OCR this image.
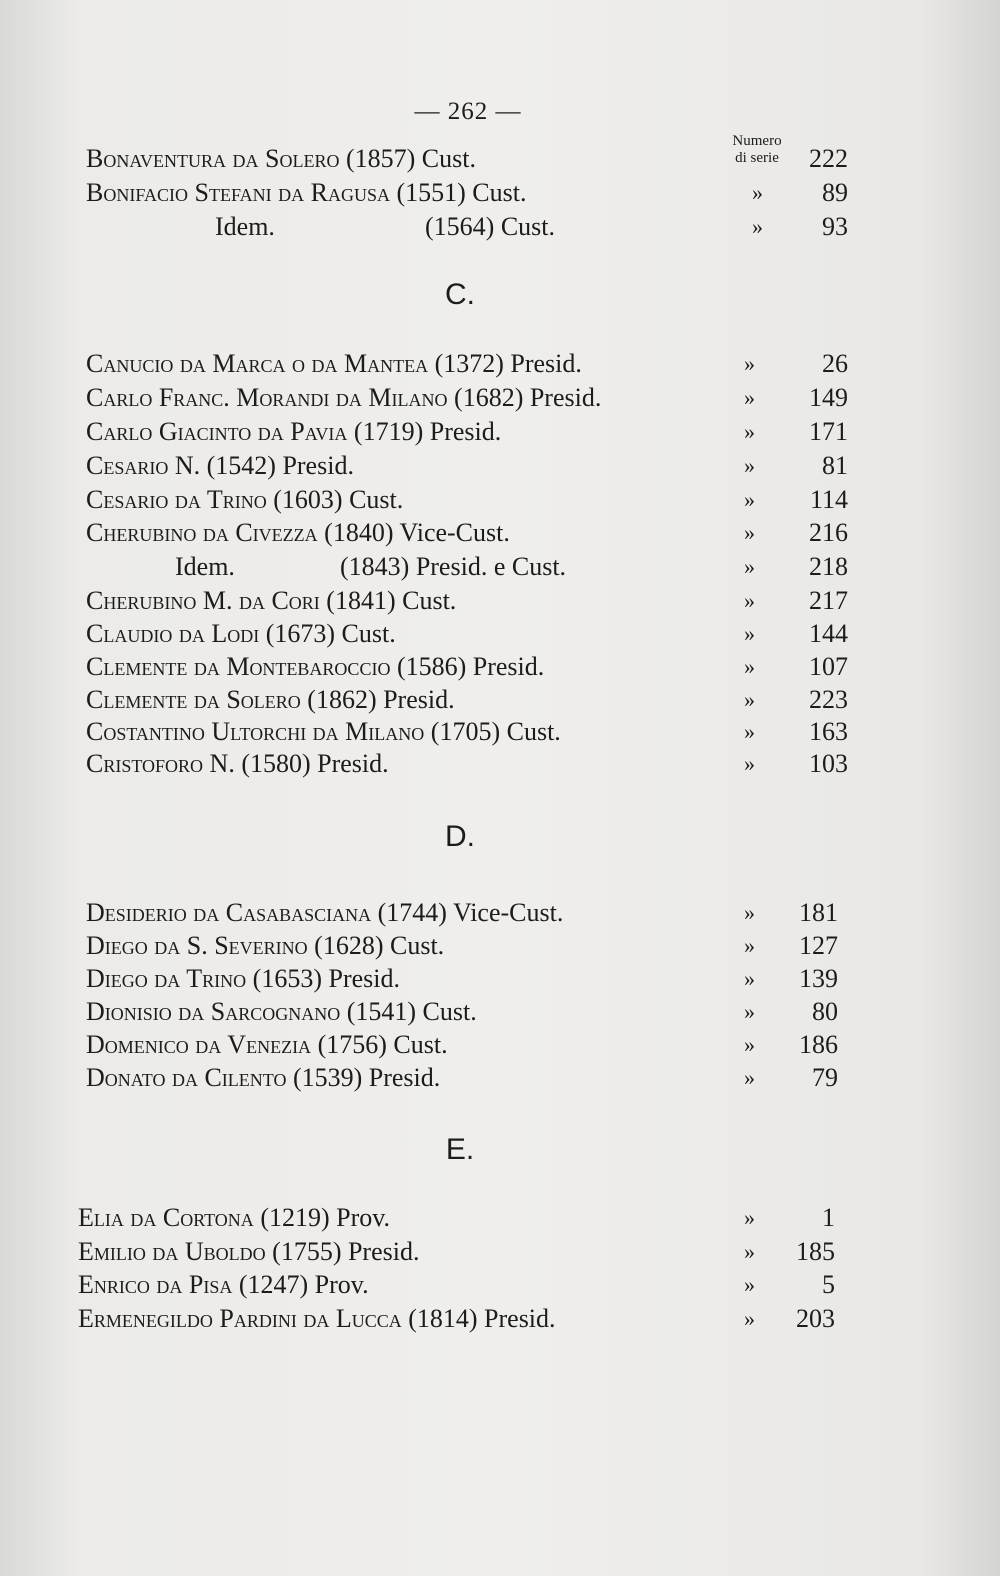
— 262 —
Numero
di serie
Bonaventura da Solero (1857) Cust.	222
Bonifacio Stefani da Ragusa (1551) Cust.	» 89
Idem.	(1564) Cust.	» 93
C.
Canucio da Marca o da Mantea (1372) Presid.	»	26
Carlo Franc. Morandi da Milano (1682) Presid.	» 149
Carlo Giacinto da Pavia (1719) Presid.	» 171
Cesario N. (1542) Presid.	»	81
Cesario da Trino (1603) Cust.	» 114
Cherubino da Civezza (1840) Vice-Cust.	» 216
Idem.	(1843) Presid. e Cust.	» 218
Cherubino M. da Cori (1841) Cust.	» 217
Claudio da Lodi (1673) Cust.	» 144
Clemente da Montebaroccio (1586) Presid.	» 107
Clemente da Solero (1862) Presid.	» 223
Costantino Ultorchi da Milano (1705) Cust.	» 163
Cristoforo N. (1580) Presid.	» 103
D.
Desiderio da Casabasciana (1744) Vice-Cust.	» 181
Diego da S. Severino (1628) Cust.	» 127
Diego da Trino (1653) Presid.	» 139
Dionisio da Sarcognano (1541) Cust.	» 80
Domenico da Venezia (1756) Cust.	» 186
Donato da Cilento (1539) Presid.	» 79
E.
Elia da Cortona (1219) Prov.	»	1
Emilio da Uboldo (1755) Presid.	» 185
Enrico da Pisa (1247) Prov.	»	5
Ermenegildo Pardini da Lucca (1814) Presid.	» 203
